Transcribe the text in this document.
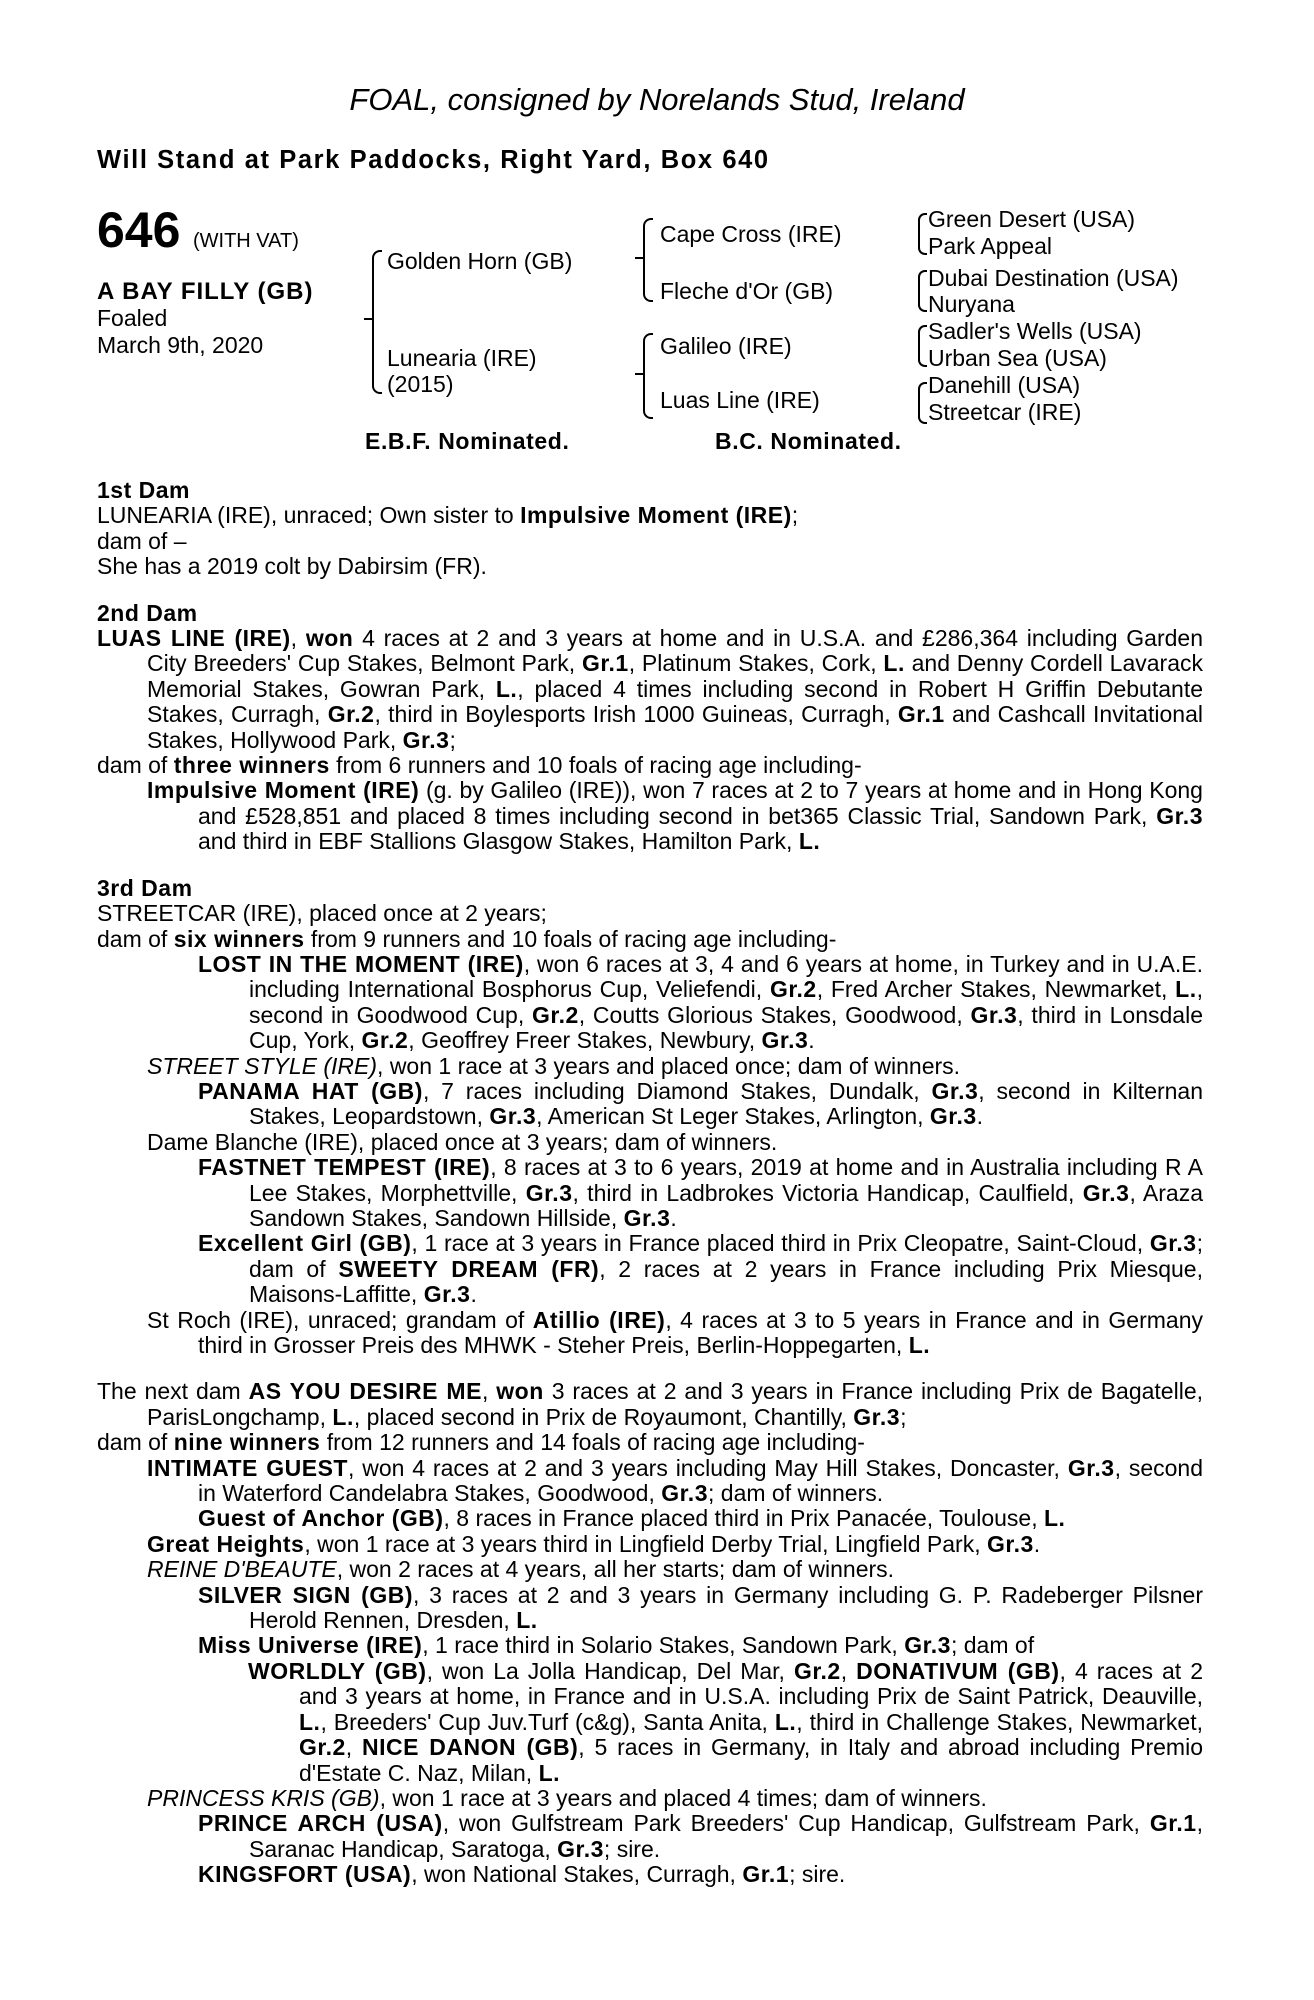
FOAL, consigned by Norelands Stud, Ireland
Will Stand at Park Paddocks, Right Yard, Box 640
646 (WITH VAT)
A BAY FILLY (GB)
Foaled
March 9th, 2020
Golden Horn (GB)
Lunearia (IRE)
(2015)
Cape Cross (IRE)
Fleche d'Or (GB)
Galileo (IRE)
Luas Line (IRE)
Green Desert (USA)
Park Appeal
Dubai Destination (USA)
Nuryana
Sadler's Wells (USA)
Urban Sea (USA)
Danehill (USA)
Streetcar (IRE)
E.B.F. Nominated.	B.C. Nominated.

1st Dam

LUNEARIA (IRE), unraced; Own sister to Impulsive Moment (IRE);

dam of –

She has a 2019 colt by Dabirsim (FR).

2nd Dam

LUAS LINE (IRE), won 4 races at 2 and 3 years at home and in U.S.A. and £286,364 including Garden City Breeders' Cup Stakes, Belmont Park, Gr.1, Platinum Stakes, Cork, L. and Denny Cordell Lavarack Memorial Stakes, Gowran Park, L., placed 4 times including second in Robert H Griffin Debutante Stakes, Curragh, Gr.2, third in Boylesports Irish 1000 Guineas, Curragh, Gr.1 and Cashcall Invitational Stakes, Hollywood Park, Gr.3;

dam of three winners from 6 runners and 10 foals of racing age including-

Impulsive Moment (IRE) (g. by Galileo (IRE)), won 7 races at 2 to 7 years at home and in Hong Kong and £528,851 and placed 8 times including second in bet365 Classic Trial, Sandown Park, Gr.3 and third in EBF Stallions Glasgow Stakes, Hamilton Park, L.

3rd Dam

STREETCAR (IRE), placed once at 2 years;

dam of six winners from 9 runners and 10 foals of racing age including-

LOST IN THE MOMENT (IRE), won 6 races at 3, 4 and 6 years at home, in Turkey and in U.A.E. including International Bosphorus Cup, Veliefendi, Gr.2, Fred Archer Stakes, Newmarket, L., second in Goodwood Cup, Gr.2, Coutts Glorious Stakes, Goodwood, Gr.3, third in Lonsdale Cup, York, Gr.2, Geoffrey Freer Stakes, Newbury, Gr.3.

STREET STYLE (IRE), won 1 race at 3 years and placed once; dam of winners.

PANAMA HAT (GB), 7 races including Diamond Stakes, Dundalk, Gr.3, second in Kilternan Stakes, Leopardstown, Gr.3, American St Leger Stakes, Arlington, Gr.3.

Dame Blanche (IRE), placed once at 3 years; dam of winners.

FASTNET TEMPEST (IRE), 8 races at 3 to 6 years, 2019 at home and in Australia including R A Lee Stakes, Morphettville, Gr.3, third in Ladbrokes Victoria Handicap, Caulfield, Gr.3, Araza Sandown Stakes, Sandown Hillside, Gr.3.

Excellent Girl (GB), 1 race at 3 years in France placed third in Prix Cleopatre, Saint-Cloud, Gr.3; dam of SWEETY DREAM (FR), 2 races at 2 years in France including Prix Miesque, Maisons-Laffitte, Gr.3.

St Roch (IRE), unraced; grandam of Atillio (IRE), 4 races at 3 to 5 years in France and in Germany third in Grosser Preis des MHWK - Steher Preis, Berlin-Hoppegarten, L.

The next dam AS YOU DESIRE ME, won 3 races at 2 and 3 years in France including Prix de Bagatelle, ParisLongchamp, L., placed second in Prix de Royaumont, Chantilly, Gr.3;

dam of nine winners from 12 runners and 14 foals of racing age including-

INTIMATE GUEST, won 4 races at 2 and 3 years including May Hill Stakes, Doncaster, Gr.3, second in Waterford Candelabra Stakes, Goodwood, Gr.3; dam of winners.

Guest of Anchor (GB), 8 races in France placed third in Prix Panacée, Toulouse, L.

Great Heights, won 1 race at 3 years third in Lingfield Derby Trial, Lingfield Park, Gr.3.

REINE D'BEAUTE, won 2 races at 4 years, all her starts; dam of winners.

SILVER SIGN (GB), 3 races at 2 and 3 years in Germany including G. P. Radeberger Pilsner Herold Rennen, Dresden, L.

Miss Universe (IRE), 1 race third in Solario Stakes, Sandown Park, Gr.3; dam of

WORLDLY (GB), won La Jolla Handicap, Del Mar, Gr.2, DONATIVUM (GB), 4 races at 2 and 3 years at home, in France and in U.S.A. including Prix de Saint Patrick, Deauville, L., Breeders' Cup Juv.Turf (c&g), Santa Anita, L., third in Challenge Stakes, Newmarket, Gr.2, NICE DANON (GB), 5 races in Germany, in Italy and abroad including Premio d'Estate C. Naz, Milan, L.

PRINCESS KRIS (GB), won 1 race at 3 years and placed 4 times; dam of winners.

PRINCE ARCH (USA), won Gulfstream Park Breeders' Cup Handicap, Gulfstream Park, Gr.1, Saranac Handicap, Saratoga, Gr.3; sire.

KINGSFORT (USA), won National Stakes, Curragh, Gr.1; sire.
